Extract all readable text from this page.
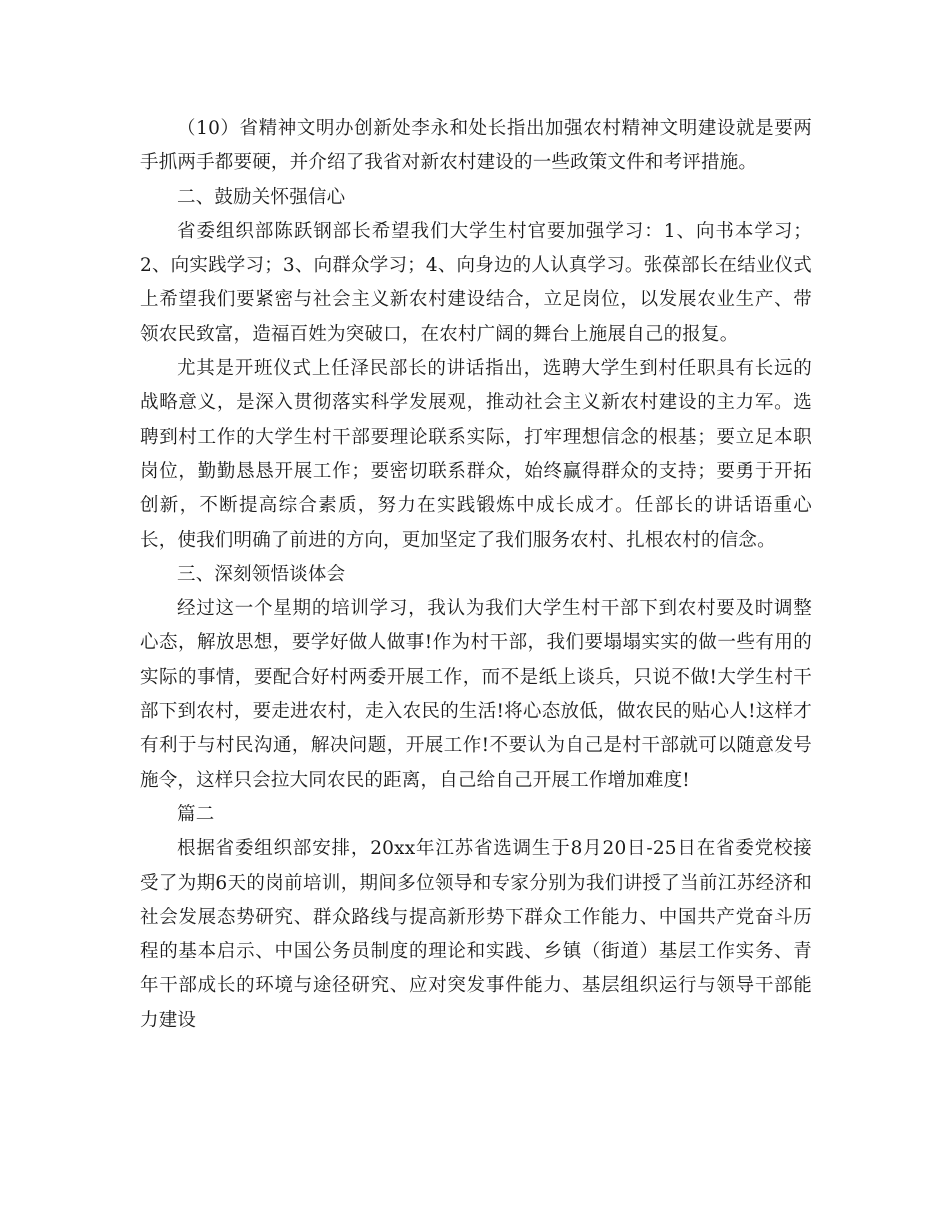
（10）省精神文明办创新处李永和处长指出加强农村精神文明建设就是要两手抓两手都要硬，并介绍了我省对新农村建设的一些政策文件和考评措施。

二、鼓励关怀强信心

省委组织部陈跃钢部长希望我们大学生村官要加强学习：1、向书本学习；2、向实践学习；3、向群众学习；4、向身边的人认真学习。张葆部长在结业仪式上希望我们要紧密与社会主义新农村建设结合，立足岗位，以发展农业生产、带领农民致富，造福百姓为突破口，在农村广阔的舞台上施展自己的报复。

尤其是开班仪式上任泽民部长的讲话指出，选聘大学生到村任职具有长远的战略意义，是深入贯彻落实科学发展观，推动社会主义新农村建设的主力军。选聘到村工作的大学生村干部要理论联系实际，打牢理想信念的根基；要立足本职岗位，勤勤恳恳开展工作；要密切联系群众，始终赢得群众的支持；要勇于开拓创新，不断提高综合素质，努力在实践锻炼中成长成才。任部长的讲话语重心长，使我们明确了前进的方向，更加坚定了我们服务农村、扎根农村的信念。

三、深刻领悟谈体会

经过这一个星期的培训学习，我认为我们大学生村干部下到农村要及时调整心态，解放思想，要学好做人做事!作为村干部，我们要塌塌实实的做一些有用的实际的事情，要配合好村两委开展工作，而不是纸上谈兵，只说不做!大学生村干部下到农村，要走进农村，走入农民的生活!将心态放低，做农民的贴心人!这样才有利于与村民沟通，解决问题，开展工作!不要认为自己是村干部就可以随意发号施令，这样只会拉大同农民的距离，自己给自己开展工作增加难度!

篇二

根据省委组织部安排，20xx年江苏省选调生于8月20日-25日在省委党校接受了为期6天的岗前培训，期间多位领导和专家分别为我们讲授了当前江苏经济和社会发展态势研究、群众路线与提高新形势下群众工作能力、中国共产党奋斗历程的基本启示、中国公务员制度的理论和实践、乡镇（街道）基层工作实务、青年干部成长的环境与途径研究、应对突发事件能力、基层组织运行与领导干部能力建设
